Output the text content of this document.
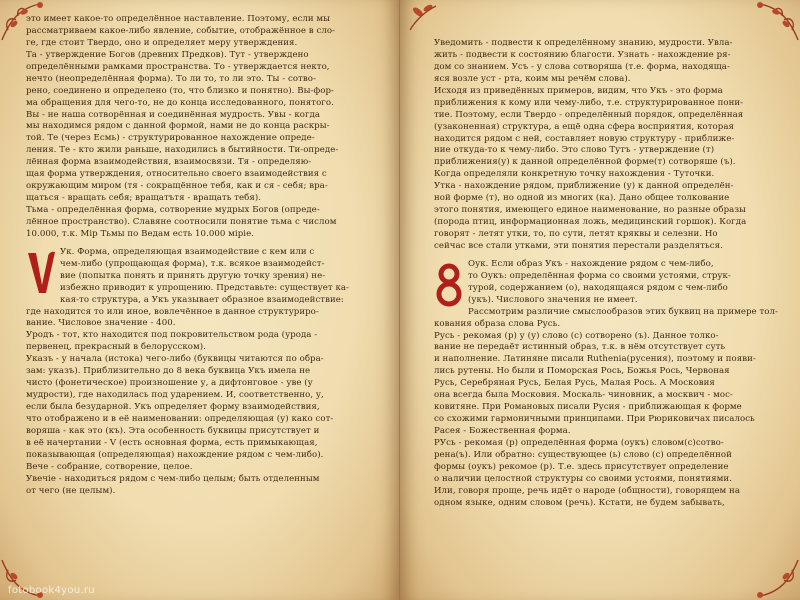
это имеет какое-то определённое наставление. Поэтому, если мы
рассматриваем какое-либо явление, событие, отображённое в сло-
ге, где стоит Твердо, оно и определяет меру утверждения.
Та - утверждение Богов (древних Предков). Тут - утверждено
определёнными рамками пространства. То - утверждается некто,
нечто (неопределённая форма). То ли то, то ли это. Ты - сотво-
рено, соединено и определено (то, что близко и понятно). Вы-фор-
ма обращения для чего-то, не до конца исследованного, понятого.
Вы - не наша сотворённая и соединённая мудрость. Увы - когда
мы находимся рядом с данной формой, нами не до конца раскры-
той. Те (через Есмь) - структурированное нахождение опреде-
ления. Те - кто жили раньше, находились в бытийности. Ти-опреде-
лённая форма взаимодействия, взаимосвязи. Тя - определяю-
щая форма утверждения, относительно своего взаимодействия с
окружающим миром (тя - сокращённое тебя, как и ся - себя; вра-
щаться - вращать себя; вращатътя - вращать тебя).
Тьма - определённая форма, сотворение мудрых Богов (опреде-
лённое пространство). Славяне соотносили понятие тьма с числом
10.000, т.к. Мір Тьмы по Ведам есть 10.000 міріе.
V	Ук. Форма, определяющая взаимодействие с кем или с
чем-либо (упрощающая форма), т.к. всякое взаимодейст-
вие (попытка понять и принять другую точку зрения) не-
избежно приводит к упрощению. Представьте: существует ка-
кая-то структура, а Укъ указывает образное взаимодействие:
где находится то или иное, вовлечённое в данное структуриро-
вание. Числовое значение - 400.
Уродъ - тот, кто находится под покровительством рода (урода -
первенец, прекрасный в белорусском).
Указъ - у начала (истока) чего-либо (буквицы читаются по обра-
зам: указъ). Приблизительно до 8 века буквица Укъ имела не
чисто (фонетическое) произношение у, а дифтонговое - уве (у
мудрости), где находилась под ударением. И, соответственно, у,
если была безударной. Укъ определяет форму взаимодействия,
что отображено и в её наименовании: определяющая (у) како сот-
воряша - как это (къ). Эта особенность буквицы присутствует и
в её начертании - V (есть основная форма, есть примыкающая,
показывающая (определяющая) нахождение рядом с чем-либо).
Вече - собрание, сотворение, целое.
Увечіе - находиться рядом с чем-либо целым; быть отделенным
от чего (не целым).
fotobook4you.ru
Уведомить - подвести к определённому знанию, мудрости. Увла-
жить - подвести к состоянию благости. Узнать - нахождение ря-
дом со знанием. Усъ - у слова сотворяша (т.е. форма, находяща-
яся возле уст - рта, коим мы речём слова).
Исходя из приведённых примеров, видим, что Укъ - это форма
приближения к кому или чему-либо, т.е. структурированное пони-
тие. Поэтому, если Твердо - определённый порядок, определённая
(узаконенная) структура, а ещё одна сфера восприятия, которая
находится рядом с ней, составляет новую структуру - приближе-
ние откуда-то к чему-либо. Это слово Тутъ - утверждение (т)
приближения(у) к данной определённой форме(т) сотворяше (ъ).
Когда определяли конкретную точку нахождения - Туточки.
Утка - нахождение рядом, приближение (у) к данной определён-
ной форме (т), но одной из многих (ка). Дано общее толкование
этого понятия, имеющего единое наименование, но разные образы
(порода птиц, информационная ложь, медицинский горшок). Когда
говорят - летят утки, то, по сути, летят кряквы и селезни. Но
сейчас все стали утками, эти понятия перестали разделяться.
8	Оук. Если образ Укъ - нахождение рядом с чем-либо,
то Оукъ: определённая форма со своими устоями, струк-
турой, содержанием (о), находящаяся рядом с чем-либо
(укъ). Числового значения не имеет.
Рассмотрим различие смыслообразов этих буквиц на примере тол-
кования образа слова Русь.
Русь - рекомая (р) у (у) слово (с) сотворено (ъ). Данное толко-
вание не передаёт истинный образ, т.к. в нём отсутствует суть
и наполнение. Латиняне писали Ruthenia(русения), поэтому и появи-
лись рутены. Но были и Поморская Рось, Божья Рось, Червоная
Русь, Серебряная Русь, Белая Русь, Малая Рось. А Московия
она всегда была Московия. Москаль- чиновник, а москвич - мос-
ковитяне. При Романовых писали Русия - приближающая к форме
со схожими гармоничными принципами. При Рюриковичах писалось
Расея - Божественная форма.
РУсь - рекомая (р) определённая форма (оукъ) словом(с)сотво-
рена(ъ). Или обратно: существующее (ь) слово (с) определённой
формы (оукъ) рекомое (р). Т.е. здесь присутствует определение
о наличии целостной структуры со своими устоями, понятиями.
Или, говоря проще, речь идёт о народе (общности), говорящем на
одном языке, одним словом (речь). Кстати, не будем забывать,
